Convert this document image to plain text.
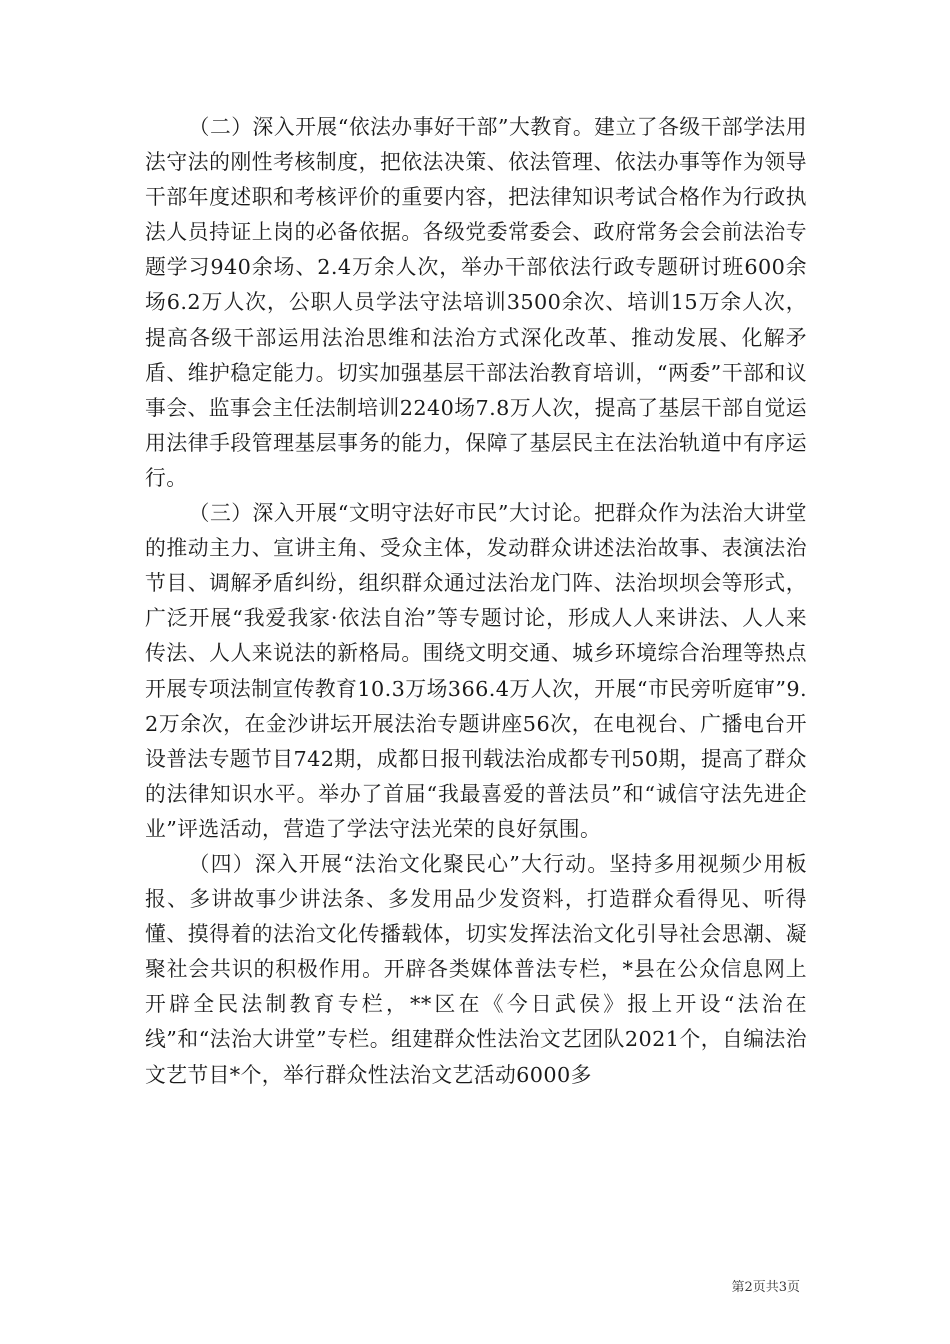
（二）深入开展“依法办事好干部”大教育。建立了各级干部学法用法守法的刚性考核制度，把依法决策、依法管理、依法办事等作为领导干部年度述职和考核评价的重要内容，把法律知识考试合格作为行政执法人员持证上岗的必备依据。各级党委常委会、政府常务会会前法治专题学习940余场、2.4万余人次，举办干部依法行政专题研讨班600余场6.2万人次，公职人员学法守法培训3500余次、培训15万余人次，提高各级干部运用法治思维和法治方式深化改革、推动发展、化解矛盾、维护稳定能力。切实加强基层干部法治教育培训，“两委”干部和议事会、监事会主任法制培训2240场7.8万人次，提高了基层干部自觉运用法律手段管理基层事务的能力，保障了基层民主在法治轨道中有序运行。

（三）深入开展“文明守法好市民”大讨论。把群众作为法治大讲堂的推动主力、宣讲主角、受众主体，发动群众讲述法治故事、表演法治节目、调解矛盾纠纷，组织群众通过法治龙门阵、法治坝坝会等形式，广泛开展“我爱我家·依法自治”等专题讨论，形成人人来讲法、人人来传法、人人来说法的新格局。围绕文明交通、城乡环境综合治理等热点开展专项法制宣传教育10.3万场366.4万人次，开展“市民旁听庭审”9.2万余次，在金沙讲坛开展法治专题讲座56次，在电视台、广播电台开设普法专题节目742期，成都日报刊载法治成都专刊50期，提高了群众的法律知识水平。举办了首届“我最喜爱的普法员”和“诚信守法先进企业”评选活动，营造了学法守法光荣的良好氛围。

（四）深入开展“法治文化聚民心”大行动。坚持多用视频少用板报、多讲故事少讲法条、多发用品少发资料，打造群众看得见、听得懂、摸得着的法治文化传播载体，切实发挥法治文化引导社会思潮、凝聚社会共识的积极作用。开辟各类媒体普法专栏，*县在公众信息网上开辟全民法制教育专栏，**区在《今日武侯》报上开设“法治在线”和“法治大讲堂”专栏。组建群众性法治文艺团队2021个，自编法治文艺节目*个，举行群众性法治文艺活动6000多

第2页共3页
